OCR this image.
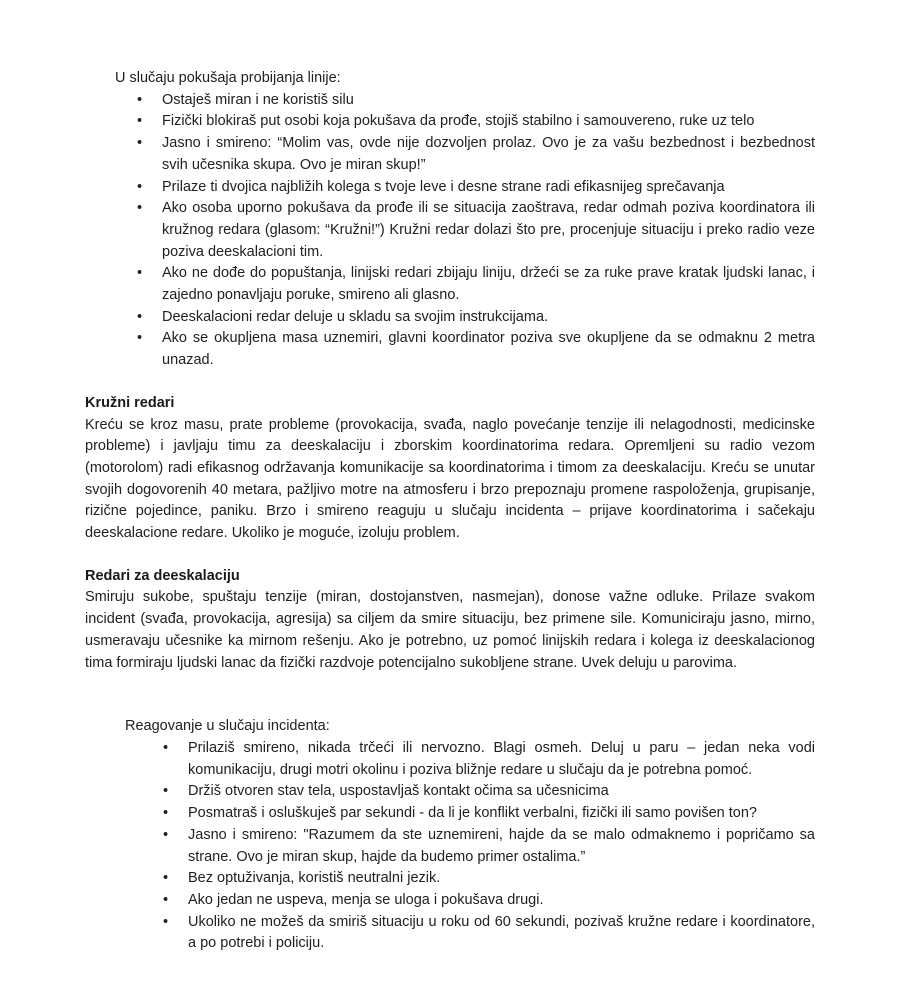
U slučaju pokušaja probijanja linije:

• Ostaješ miran i ne koristiš silu
• Fizički blokiraš put osobi koja pokušava da prođe, stojiš stabilno i samouvereno, ruke uz telo
• Jasno i smireno: “Molim vas, ovde nije dozvoljen prolaz. Ovo je za vašu bezbednost i bezbednost svih učesnika skupa. Ovo je miran skup!”
• Prilaze ti dvojica najbližih kolega s tvoje leve i desne strane radi efikasnijeg sprečavanja
• Ako osoba uporno pokušava da prođe ili se situacija zaoštrava, redar odmah poziva koordinatora ili kružnog redara (glasom: “Kružni!”) Kružni redar dolazi što pre, procenjuje situaciju i preko radio veze poziva deeskalacioni tim.
• Ako ne dođe do popuštanja, linijski redari zbijaju liniju, držeći se za ruke prave kratak ljudski lanac, i zajedno ponavljaju poruke, smireno ali glasno.
• Deeskalacioni redar deluje u skladu sa svojim instrukcijama.
• Ako se okupljena masa uznemiri, glavni koordinator poziva sve okupljene da se odmaknu 2 metra unazad.
Kružni redari

Kreću se kroz masu, prate probleme (provokacija, svađa, naglo povećanje tenzije ili nelagodnosti, medicinske probleme) i javljaju timu za deeskalaciju i zborskim koordinatorima redara. Opremljeni su radio vezom (motorolom) radi efikasnog održavanja komunikacije sa koordinatorima i timom za deeskalaciju. Kreću se unutar svojih dogovorenih 40 metara, pažljivo motre na atmosferu i brzo prepoznaju promene raspoloženja, grupisanje, rizične pojedince, paniku. Brzo i smireno reaguju u slučaju incidenta – prijave koordinatorima i sačekaju deeskalacione redare. Ukoliko je moguće, izoluju problem.

Redari za deeskalaciju

Smiruju sukobe, spuštaju tenzije (miran, dostojanstven, nasmejan), donose važne odluke. Prilaze svakom incident (svađa, provokacija, agresija) sa ciljem da smire situaciju, bez primene sile. Komuniciraju jasno, mirno, usmeravaju učesnike ka mirnom rešenju. Ako je potrebno, uz pomoć linijskih redara i kolega iz deeskalacionog tima formiraju ljudski lanac da fizički razdvoje potencijalno sukobljene strane. Uvek deluju u parovima.

Reagovanje u slučaju incidenta:

• Prilaziš smireno, nikada trčeći ili nervozno. Blagi osmeh. Deluj u paru – jedan neka vodi komunikaciju, drugi motri okolinu i poziva bližnje redare u slučaju da je potrebna pomoć.
• Držiš otvoren stav tela, uspostavljaš kontakt očima sa učesnicima
• Posmatraš i osluškuješ par sekundi - da li je konflikt verbalni, fizički ili samo povišen ton?
• Jasno i smireno: "Razumem da ste uznemireni, hajde da se malo odmaknemo i popričamo sa strane. Ovo je miran skup, hajde da budemo primer ostalima.”
• Bez optuživanja, koristiš neutralni jezik.
• Ako jedan ne uspeva, menja se uloga i pokušava drugi.
• Ukoliko ne možeš da smiriš situaciju u roku od 60 sekundi, pozivaš kružne redare i koordinatore, a po potrebi i policiju.
